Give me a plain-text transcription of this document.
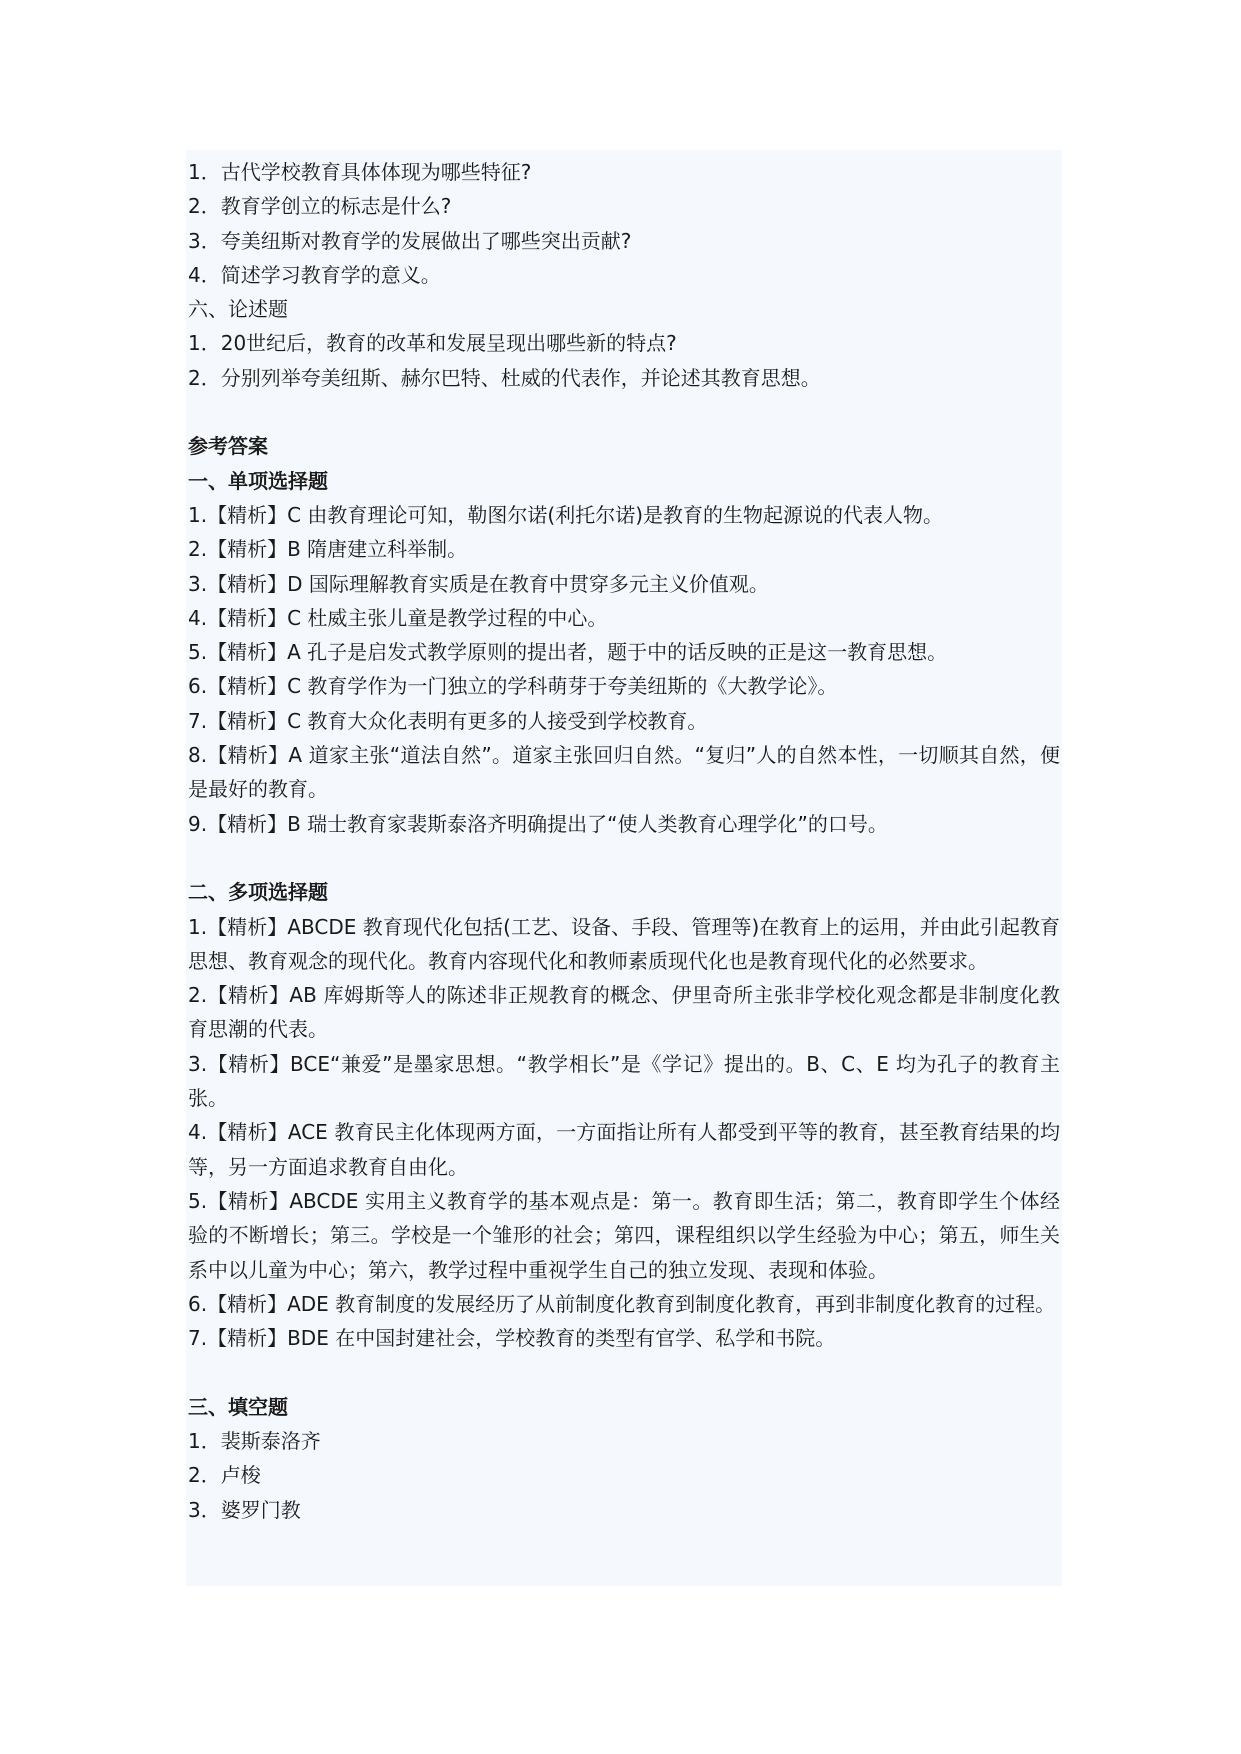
1．古代学校教育具体体现为哪些特征?

2．教育学创立的标志是什么?

3．夸美纽斯对教育学的发展做出了哪些突出贡献?

4．简述学习教育学的意义。

六、论述题

1．20世纪后，教育的改革和发展呈现出哪些新的特点?

2．分别列举夸美纽斯、赫尔巴特、杜威的代表作，并论述其教育思想。

参考答案

一、单项选择题

1.【精析】C 由教育理论可知，勒图尔诺(利托尔诺)是教育的生物起源说的代表人物。

2.【精析】B 隋唐建立科举制。

3.【精析】D 国际理解教育实质是在教育中贯穿多元主义价值观。

4.【精析】C 杜威主张儿童是教学过程的中心。

5.【精析】A 孔子是启发式教学原则的提出者，题于中的话反映的正是这一教育思想。

6.【精析】C 教育学作为一门独立的学科萌芽于夸美纽斯的《大教学论》。

7.【精析】C 教育大众化表明有更多的人接受到学校教育。

8.【精析】A 道家主张“道法自然”。道家主张回归自然。“复归”人的自然本性，一切顺其自然，便是最好的教育。

9.【精析】B 瑞士教育家裴斯泰洛齐明确提出了“使人类教育心理学化”的口号。

二、多项选择题

1.【精析】ABCDE 教育现代化包括(工艺、设备、手段、管理等)在教育上的运用，并由此引起教育思想、教育观念的现代化。教育内容现代化和教师素质现代化也是教育现代化的必然要求。

2.【精析】AB 库姆斯等人的陈述非正规教育的概念、伊里奇所主张非学校化观念都是非制度化教育思潮的代表。

3.【精析】BCE“兼爱”是墨家思想。“教学相长”是《学记》提出的。B、C、E 均为孔子的教育主张。

4.【精析】ACE 教育民主化体现两方面，一方面指让所有人都受到平等的教育，甚至教育结果的均等，另一方面追求教育自由化。

5.【精析】ABCDE 实用主义教育学的基本观点是：第一。教育即生活；第二，教育即学生个体经验的不断增长；第三。学校是一个雏形的社会；第四，课程组织以学生经验为中心；第五，师生关系中以儿童为中心；第六，教学过程中重视学生自己的独立发现、表现和体验。

6.【精析】ADE 教育制度的发展经历了从前制度化教育到制度化教育，再到非制度化教育的过程。

7.【精析】BDE 在中国封建社会，学校教育的类型有官学、私学和书院。

三、填空题

1．裴斯泰洛齐

2．卢梭

3．婆罗门教
